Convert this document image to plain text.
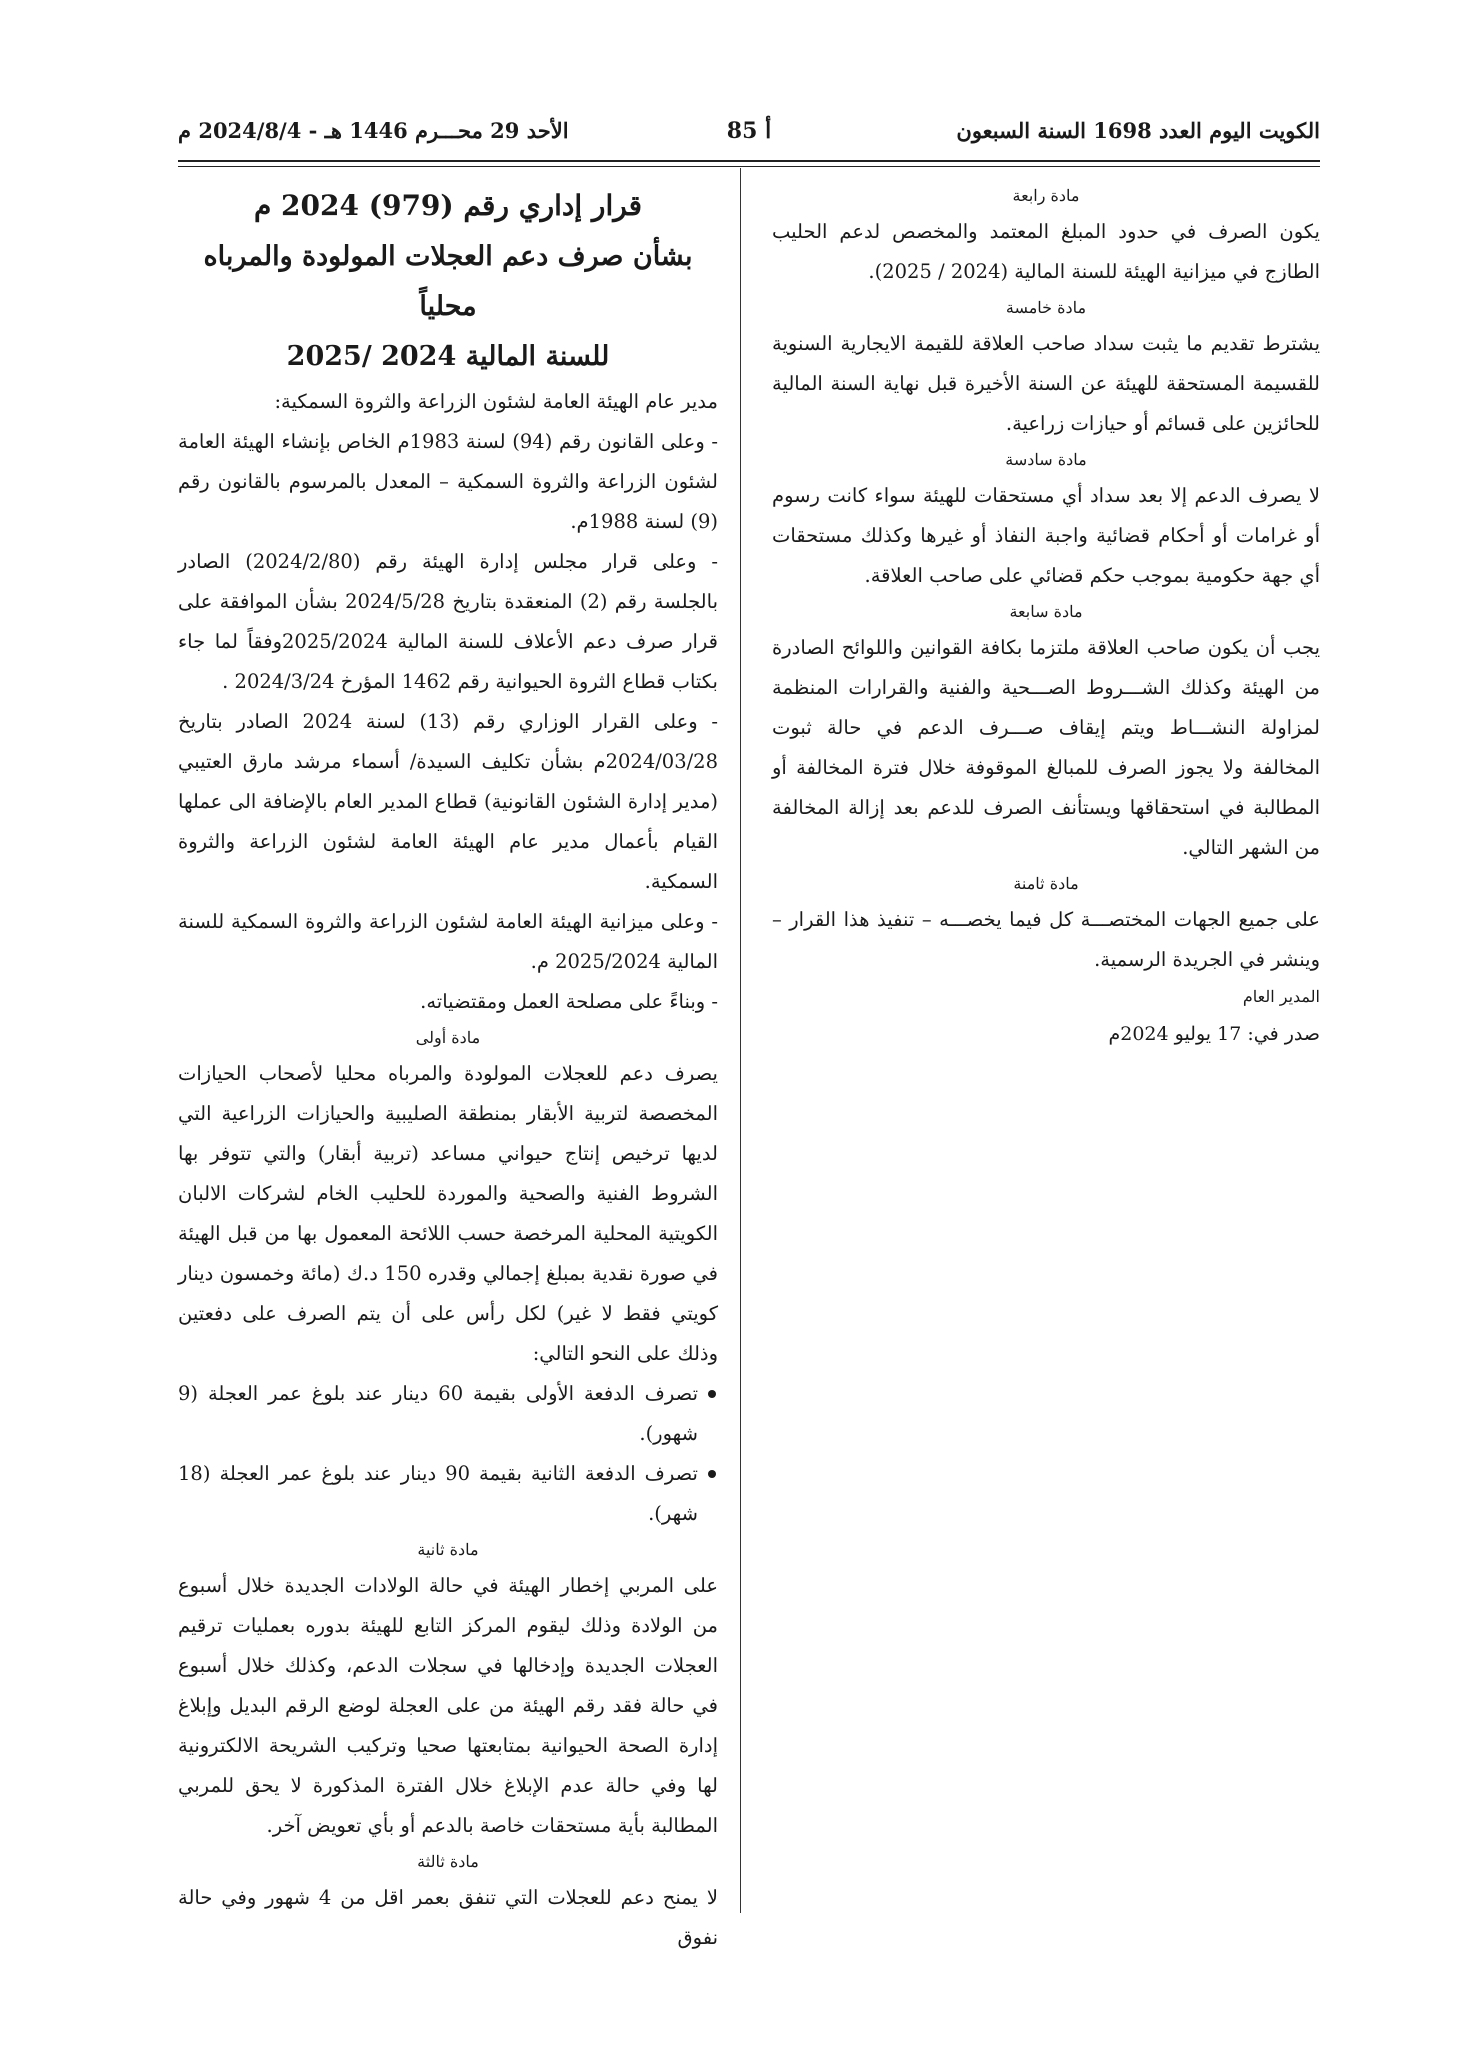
الكويت اليوم العدد 1698 السنة السبعون
أ 85
الأحد 29 محـــرم 1446 هـ - 2024/8/4 م

مادة رابعة

يكون الصرف في حدود المبلغ المعتمد والمخصص لدعم الحليب الطازج في ميزانية الهيئة للسنة المالية (2024 / 2025).

مادة خامسة

يشترط تقديم ما يثبت سداد صاحب العلاقة للقيمة الايجارية السنوية للقسيمة المستحقة للهيئة عن السنة الأخيرة قبل نهاية السنة المالية للحائزين على قسائم أو حيازات زراعية.

مادة سادسة

لا يصرف الدعم إلا بعد سداد أي مستحقات للهيئة سواء كانت رسوم أو غرامات أو أحكام قضائية واجبة النفاذ أو غيرها وكذلك مستحقات أي جهة حكومية بموجب حكم قضائي على صاحب العلاقة.

مادة سابعة

يجب أن يكون صاحب العلاقة ملتزما بكافة القوانين واللوائح الصادرة من الهيئة وكذلك الشـــروط الصـــحية والفنية والقرارات المنظمة لمزاولة النشـــاط ويتم إيقاف صـــرف الدعم في حالة ثبوت المخالفة ولا يجوز الصرف للمبالغ الموقوفة خلال فترة المخالفة أو المطالبة في استحقاقها ويستأنف الصرف للدعم بعد إزالة المخالفة من الشهر التالي.

مادة ثامنة

على جميع الجهات المختصـــة كل فيما يخصـــه – تنفيذ هذا القرار – وينشر في الجريدة الرسمية.

المدير العام

صدر في: 17 يوليو 2024م

قرار إداري رقم (979) 2024 م

بشأن صرف دعم العجلات المولودة والمرباه محلياً

للسنة المالية 2024 /2025

مدير عام الهيئة العامة لشئون الزراعة والثروة السمكية:

- وعلى القانون رقم (94) لسنة 1983م الخاص بإنشاء الهيئة العامة لشئون الزراعة والثروة السمكية – المعدل بالمرسوم بالقانون رقم (9) لسنة 1988م.

- وعلى قرار مجلس إدارة الهيئة رقم (2024/2/80) الصادر بالجلسة رقم (2) المنعقدة بتاريخ 2024/5/28 بشأن الموافقة على قرار صرف دعم الأعلاف للسنة المالية 2025/2024وفقاً لما جاء بكتاب قطاع الثروة الحيوانية رقم 1462 المؤرخ 2024/3/24 .

- وعلى القرار الوزاري رقم (13) لسنة 2024 الصادر بتاريخ 2024/03/28م بشأن تكليف السيدة/ أسماء مرشد مارق العتيبي (مدير إدارة الشئون القانونية) قطاع المدير العام بالإضافة الى عملها القيام بأعمال مدير عام الهيئة العامة لشئون الزراعة والثروة السمكية.

- وعلى ميزانية الهيئة العامة لشئون الزراعة والثروة السمكية للسنة المالية 2025/2024 م.

- وبناءً على مصلحة العمل ومقتضياته.

مادة أولى

يصرف دعم للعجلات المولودة والمرباه محليا لأصحاب الحيازات المخصصة لتربية الأبقار بمنطقة الصليبية والحيازات الزراعية التي لديها ترخيص إنتاج حيواني مساعد (تربية أبقار) والتي تتوفر بها الشروط الفنية والصحية والموردة للحليب الخام لشركات الالبان الكويتية المحلية المرخصة حسب اللائحة المعمول بها من قبل الهيئة في صورة نقدية بمبلغ إجمالي وقدره 150 د.ك (مائة وخمسون دينار كويتي فقط لا غير) لكل رأس على أن يتم الصرف على دفعتين وذلك على النحو التالي:

تصرف الدفعة الأولى بقيمة 60 دينار عند بلوغ عمر العجلة (9 شهور).
تصرف الدفعة الثانية بقيمة 90 دينار عند بلوغ عمر العجلة (18 شهر).

مادة ثانية

على المربي إخطار الهيئة في حالة الولادات الجديدة خلال أسبوع من الولادة وذلك ليقوم المركز التابع للهيئة بدوره بعمليات ترقيم العجلات الجديدة وإدخالها في سجلات الدعم، وكذلك خلال أسبوع في حالة فقد رقم الهيئة من على العجلة لوضع الرقم البديل وإبلاغ إدارة الصحة الحيوانية بمتابعتها صحيا وتركيب الشريحة الالكترونية لها وفي حالة عدم الإبلاغ خلال الفترة المذكورة لا يحق للمربي المطالبة بأية مستحقات خاصة بالدعم أو بأي تعويض آخر.

مادة ثالثة

لا يمنح دعم للعجلات التي تنفق بعمر اقل من 4 شهور وفي حالة نفوق
